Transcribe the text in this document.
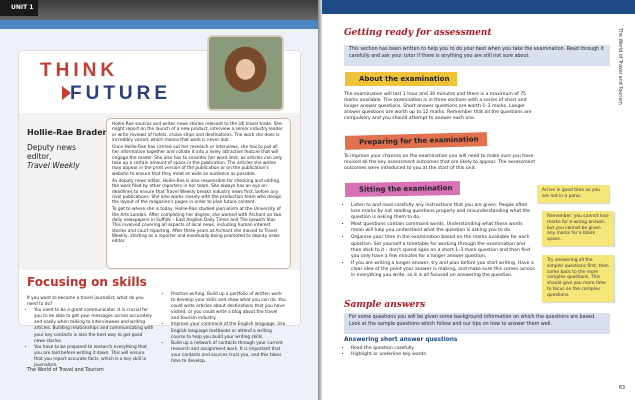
UNIT 1
THINK
FUTURE
Hollie-Rae Brader
Deputy news editor,
Travel Weekly

Hollie-Rae sources and writes news stories relevant to the UK travel trade. She might report on the launch of a new product, interview a senior industry leader or write reviews of hotels, cruise ships and destinations. The work she does is incredibly varied, which means that work is never dull.

Once Hollie-Rae has carried out her research or interviews, she has to put all her information together and collate it into a lively attractive feature that will engage the reader. She also has to consider her word limit, as articles can only take up a certain amount of space in the publication. The articles she writes may appear in the print version of the publication or on the publication's website to ensure that they meet as wide an audience as possible.

As deputy news editor, Hollie-Rae is also responsible for checking and editing the work filed by other reporters in her team. She always has an eye on deadlines to ensure that Travel Weekly breaks industry news first, before any rival publications. She also works closely with the production team who design the layout of the magazine's pages in order to plan future content.

To get to where she is today, Hollie-Rae studied journalism at the University of the Arts London. After completing her degree, she worked with Archant on two daily newspapers in Suffolk – East Anglian Daily Times and The Ipswich Star. This involved covering all aspects of local news, including human interest stories and court reporting. After three years at Archant she moved to Travel Weekly, starting as a reporter and eventually being promoted to deputy news editor.

Focusing on skills

If you want to become a travel journalist, what do you need to do?

• You need to be a great communicator. It is crucial for you to be able to get your messages across accurately and easily when talking to interviewees and writing articles. Building relationships and communicating with your key contacts is also the best way to get good news stories.
• You have to be prepared to research everything that you are told before writing it down. This will ensure that you report accurate facts, which is a key skill in journalism.
• Practise writing. Build up a portfolio of written work to develop your skills and show what you can do. You could write articles about destinations that you have visited, or you could write a blog about the travel and tourism industry.
• Improve your command of the English language. Use English language textbooks or attend a writing course to help you build your writing skills.
• Build up a network of contacts through your current research and assignment work. It is important that your contacts and sources trust you, and this takes time to develop.
The World of Travel and Tourism
Getting ready for assessment
This section has been written to help you to do your best when you take the examination. Read through it carefully and ask your tutor if there is anything you are still not sure about.
About the examination
The examination will last 1 hour and 30 minutes and there is a maximum of 75 marks available. The examination is in three sections with a series of short and longer answer questions. Short answer questions are worth 1–3 marks. Longer answer questions are worth up to 12 marks. Remember that all the questions are compulsory and you should attempt to answer each one.
Preparing for the examination
To improve your chances on the examination you will need to make sure you have revised all the key assessment outcomes that are likely to appear. The assessment outcomes were introduced to you at the start of this unit.
Sitting the examination
▪ Listen to and read carefully any instructions that you are given. People often lose marks by not reading questions properly and misunderstanding what the question is asking them to do.
▪ Most questions contain command words. Understanding what these words mean will help you understand what the question is asking you to do.
▪ Organise your time in the examination based on the marks available for each question. Set yourself a timetable for working through the examination and then stick to it – don't spend ages on a short 1–3 mark question and then find you only have a few minutes for a longer answer question.
▪ If you are writing a longer answer, try and plan before you start writing. Have a clear idea of the point your answer is making, and make sure this comes across in everything you write, so it is all focused on answering the question.
Arrive in good time so you are not in a panic.
Remember: you cannot lose marks for a wrong answer, but you cannot be given any marks for a blank space.
Try answering all the simpler questions first, then come back to the more complex questions. This should give you more time to focus on the complex questions.
Sample answers
For some questions you will be given some background information on which the questions are based. Look at the sample questions which follow and our tips on how to answer them well.
Answering short answer questions
▪ Read the question carefully.
▪ Highlight or underline key words.
The World of Travel and Tourism
63
